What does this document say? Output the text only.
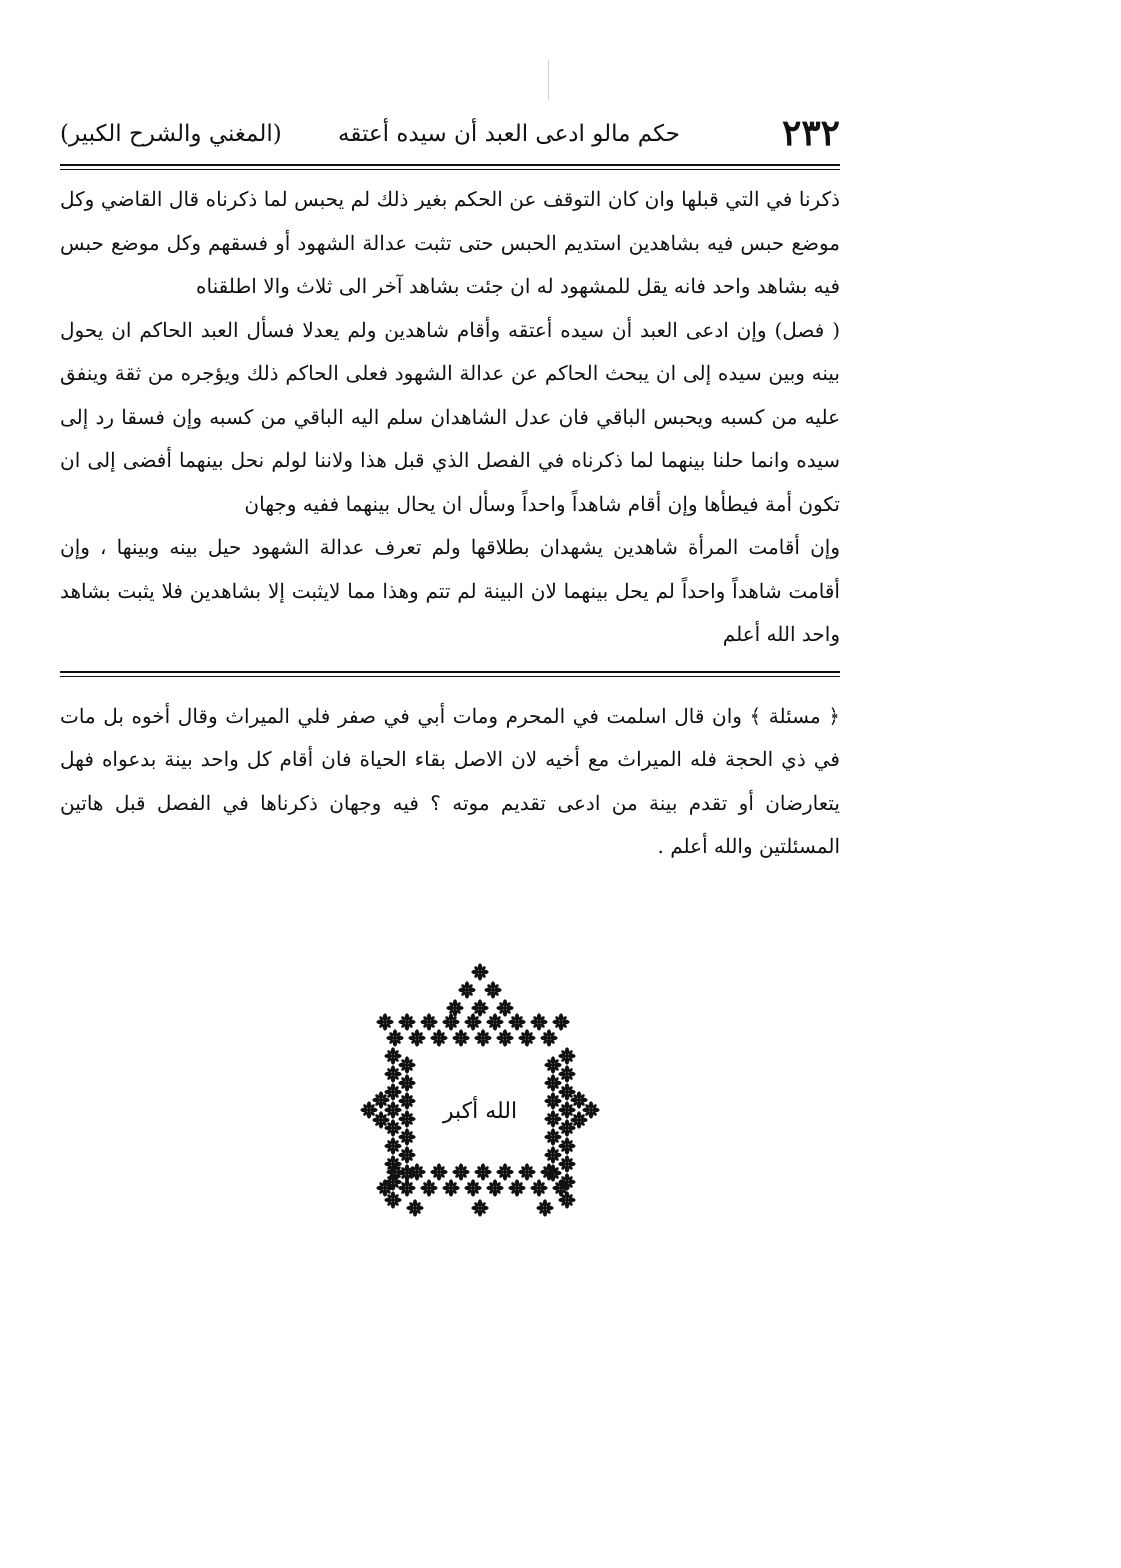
٢٣٢
حكم مالو ادعى العبد أن سيده أعتقه
(المغني والشرح الكبير)

ذكرنا في التي قبلها وان كان التوقف عن الحكم بغير ذلك لم يحبس لما ذكرناه قال القاضي وكل موضع حبس فيه بشاهدين استديم الحبس حتى تثبت عدالة الشهود أو فسقهم وكل موضع حبس فيه بشاهد واحد فانه يقل للمشهود له ان جئت بشاهد آخر الى ثلاث والا اطلقناه

( فصل) وإن ادعى العبد أن سيده أعتقه وأقام شاهدين ولم يعدلا فسأل العبد الحاكم ان يحول بينه وبين سيده إلى ان يبحث الحاكم عن عدالة الشهود فعلى الحاكم ذلك ويؤجره من ثقة وينفق عليه من كسبه ويحبس الباقي فان عدل الشاهدان سلم اليه الباقي من كسبه وإن فسقا رد إلى سيده وانما حلنا بينهما لما ذكرناه في الفصل الذي قبل هذا ولاننا لولم نحل بينهما أفضى إلى ان تكون أمة فيطأها وإن أقام شاهداً واحداً وسأل ان يحال بينهما ففيه وجهان

وإن أقامت المرأة شاهدين يشهدان بطلاقها ولم تعرف عدالة الشهود حيل بينه وبينها ، وإن أقامت شاهداً واحداً لم يحل بينهما لان البينة لم تتم وهذا مما لايثبت إلا بشاهدين فلا يثبت بشاهد واحد الله أعلم

﴿ مسئلة ﴾ وان قال اسلمت في المحرم ومات أبي في صفر فلي الميراث وقال أخوه بل مات في ذي الحجة فله الميراث مع أخيه لان الاصل بقاء الحياة فان أقام كل واحد بينة بدعواه فهل يتعارضان أو تقدم بينة من ادعى تقديم موته ؟ فيه وجهان ذكرناها في الفصل قبل هاتين المسئلتين والله أعلم .

الله أكبر
